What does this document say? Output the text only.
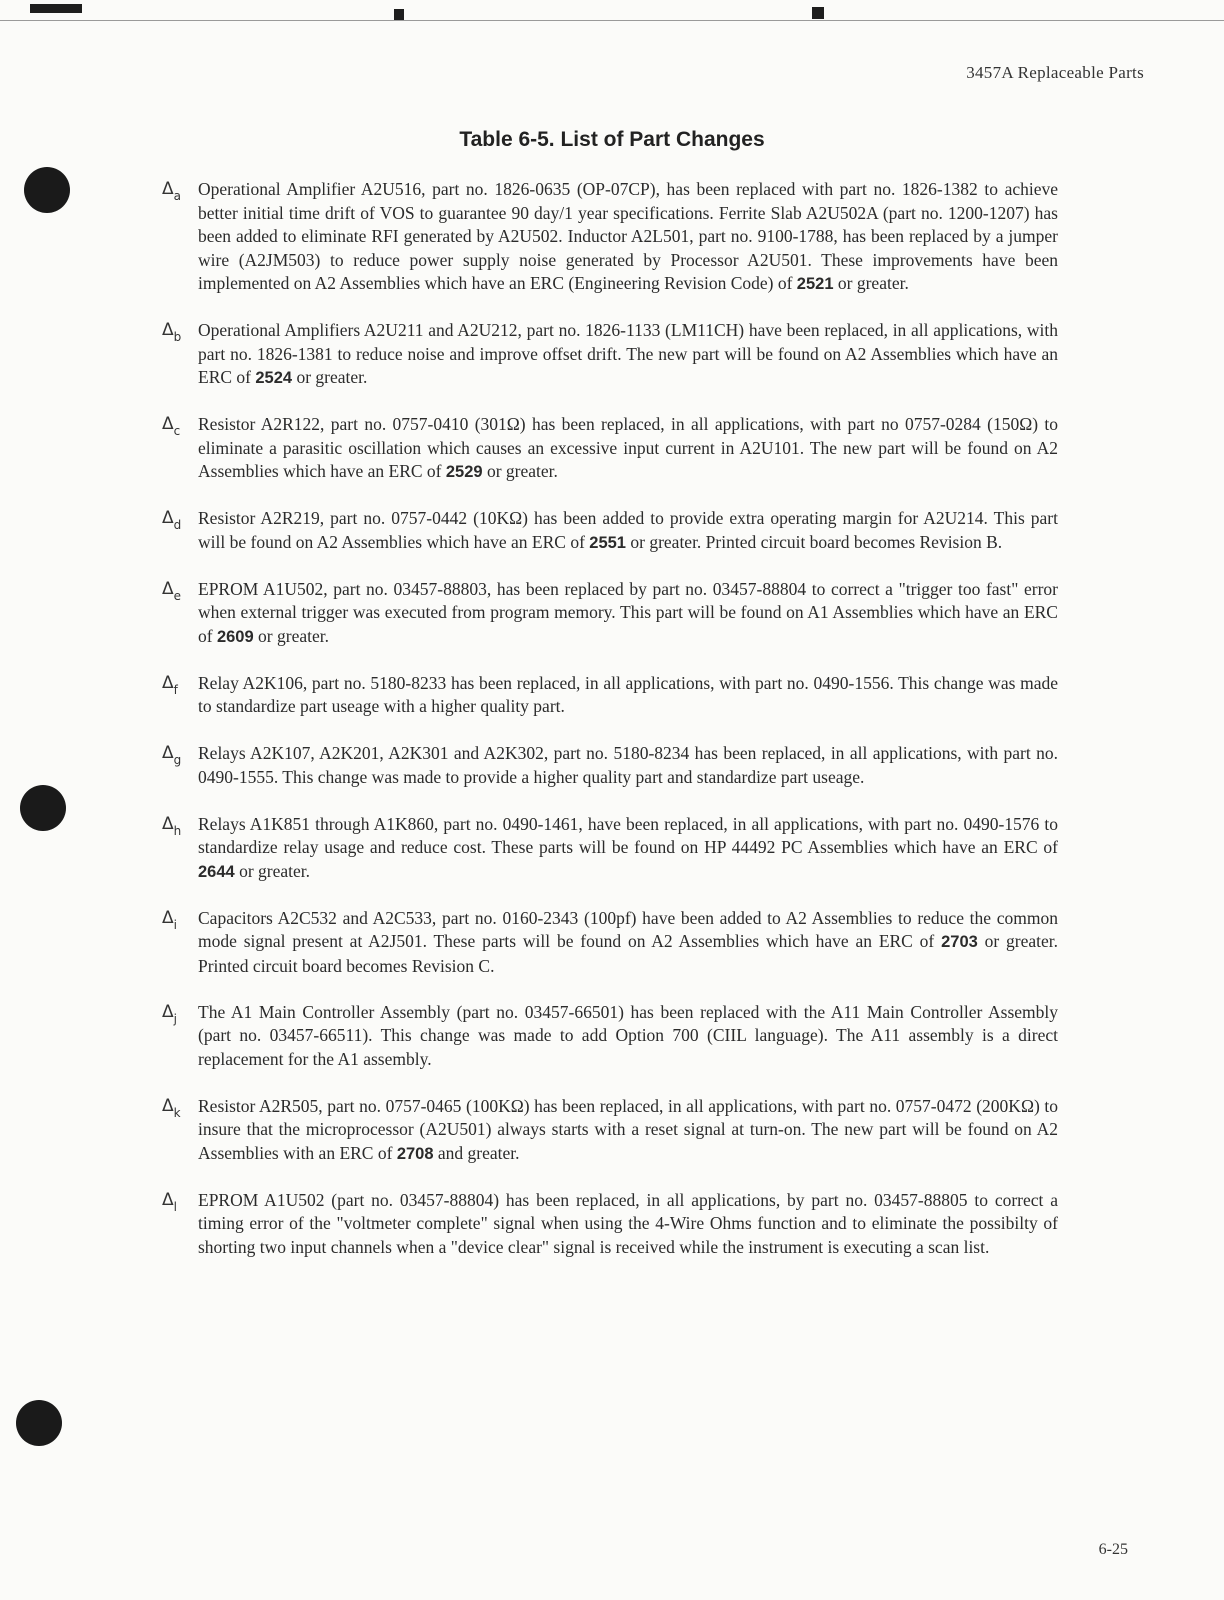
3457A Replaceable Parts
Table 6-5. List of Part Changes
$\Delta_a$ Operational Amplifier A2U516, part no. 1826-0635 (OP-07CP), has been replaced with part no. 1826-1382 to achieve better initial time drift of VOS to guarantee 90 day/1 year specifications. Ferrite Slab A2U502A (part no. 1200-1207) has been added to eliminate RFI generated by A2U502. Inductor A2L501, part no. 9100-1788, has been replaced by a jumper wire (A2JM503) to reduce power supply noise generated by Processor A2U501. These improvements have been implemented on A2 Assemblies which have an ERC (Engineering Revision Code) of 2521 or greater.
$\Delta_b$ Operational Amplifiers A2U211 and A2U212, part no. 1826-1133 (LM11CH) have been replaced, in all applications, with part no. 1826-1381 to reduce noise and improve offset drift. The new part will be found on A2 Assemblies which have an ERC of 2524 or greater.
$\Delta_c$ Resistor A2R122, part no. 0757-0410 (301Ω) has been replaced, in all applications, with part no 0757-0284 (150Ω) to eliminate a parasitic oscillation which causes an excessive input current in A2U101. The new part will be found on A2 Assemblies which have an ERC of 2529 or greater.
$\Delta_d$ Resistor A2R219, part no. 0757-0442 (10KΩ) has been added to provide extra operating margin for A2U214. This part will be found on A2 Assemblies which have an ERC of 2551 or greater. Printed circuit board becomes Revision B.
$\Delta_e$ EPROM A1U502, part no. 03457-88803, has been replaced by part no. 03457-88804 to correct a "trigger too fast" error when external trigger was executed from program memory. This part will be found on A1 Assemblies which have an ERC of 2609 or greater.
$\Delta_f$ Relay A2K106, part no. 5180-8233 has been replaced, in all applications, with part no. 0490-1556. This change was made to standardize part useage with a higher quality part.
$\Delta_g$ Relays A2K107, A2K201, A2K301 and A2K302, part no. 5180-8234 has been replaced, in all applications, with part no. 0490-1555. This change was made to provide a higher quality part and standardize part useage.
$\Delta_h$ Relays A1K851 through A1K860, part no. 0490-1461, have been replaced, in all applications, with part no. 0490-1576 to standardize relay usage and reduce cost. These parts will be found on HP 44492 PC Assemblies which have an ERC of 2644 or greater.
$\Delta_i$ Capacitors A2C532 and A2C533, part no. 0160-2343 (100pf) have been added to A2 Assemblies to reduce the common mode signal present at A2J501. These parts will be found on A2 Assemblies which have an ERC of 2703 or greater. Printed circuit board becomes Revision C.
$\Delta_j$ The A1 Main Controller Assembly (part no. 03457-66501) has been replaced with the A11 Main Controller Assembly (part no. 03457-66511). This change was made to add Option 700 (CIIL language). The A11 assembly is a direct replacement for the A1 assembly.
$\Delta_k$ Resistor A2R505, part no. 0757-0465 (100KΩ) has been replaced, in all applications, with part no. 0757-0472 (200KΩ) to insure that the microprocessor (A2U501) always starts with a reset signal at turn-on. The new part will be found on A2 Assemblies with an ERC of 2708 and greater.
$\Delta_l$ EPROM A1U502 (part no. 03457-88804) has been replaced, in all applications, by part no. 03457-88805 to correct a timing error of the "voltmeter complete" signal when using the 4-Wire Ohms function and to eliminate the possibilty of shorting two input channels when a "device clear" signal is received while the instrument is executing a scan list.
6-25
